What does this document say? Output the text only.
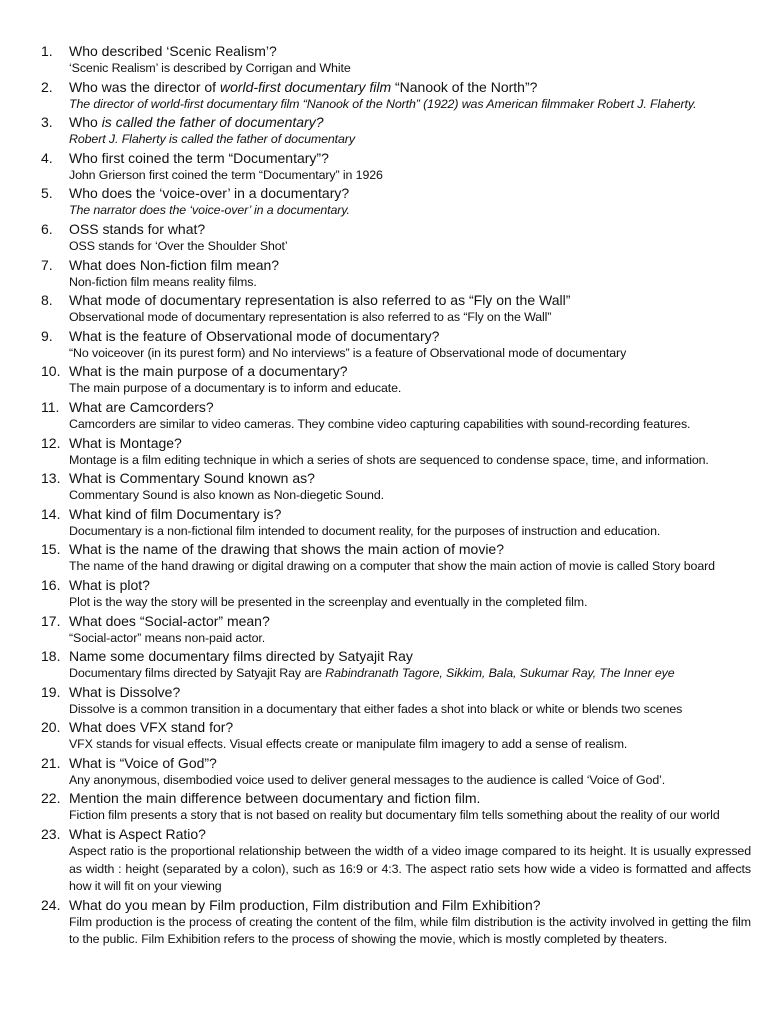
1.	Who described ‘Scenic Realism’?
‘Scenic Realism’ is described by Corrigan and White
2.	Who was the director of world-first documentary film “Nanook of the North”?
The director of world-first documentary film “Nanook of the North” (1922) was American filmmaker Robert J. Flaherty.
3.	Who is called the father of documentary?
Robert J. Flaherty is called the father of documentary
4.	Who first coined the term “Documentary”?
John Grierson first coined the term “Documentary” in 1926
5.	Who does the ‘voice-over’ in a documentary?
The narrator does the ‘voice-over’ in a documentary.
6.	OSS stands for what?
OSS stands for ‘Over the Shoulder Shot’
7.	What does Non-fiction film mean?
Non-fiction film means reality films.
8.	What mode of documentary representation is also referred to as “Fly on the Wall”
Observational mode of documentary representation is also referred to as “Fly on the Wall”
9.	What is the feature of Observational mode of documentary?
“No voiceover (in its purest form) and No interviews” is a feature of Observational mode of documentary
10. What is the main purpose of a documentary?
The main purpose of a documentary is to inform and educate.
11. What are Camcorders?
Camcorders are similar to video cameras. They combine video capturing capabilities with sound-recording features.
12. What is Montage?
Montage is a film editing technique in which a series of shots are sequenced to condense space, time, and information.
13. What is Commentary Sound known as?
Commentary Sound is also known as Non-diegetic Sound.
14. What kind of film Documentary is?
Documentary is a non-fictional film intended to document reality, for the purposes of instruction and education.
15. What is the name of the drawing that shows the main action of movie?
The name of the hand drawing or digital drawing on a computer that show the main action of movie is called Story board
16. What is plot?
Plot is the way the story will be presented in the screenplay and eventually in the completed film.
17. What does “Social-actor” mean?
“Social-actor” means non-paid actor.
18. Name some documentary films directed by Satyajit Ray
Documentary films directed by Satyajit Ray are Rabindranath Tagore, Sikkim, Bala, Sukumar Ray, The Inner eye
19. What is Dissolve?
Dissolve is a common transition in a documentary that either fades a shot into black or white or blends two scenes
20. What does VFX stand for?
VFX stands for visual effects. Visual effects create or manipulate film imagery to add a sense of realism.
21. What is “Voice of God”?
Any anonymous, disembodied voice used to deliver general messages to the audience is called ‘Voice of God’.
22. Mention the main difference between documentary and fiction film.
Fiction film presents a story that is not based on reality but documentary film tells something about the reality of our world
23. What is Aspect Ratio?
Aspect ratio is the proportional relationship between the width of a video image compared to its height. It is usually expressed as width : height (separated by a colon), such as 16:9 or 4:3. The aspect ratio sets how wide a video is formatted and affects how it will fit on your viewing
24. What do you mean by Film production, Film distribution and Film Exhibition?
Film production is the process of creating the content of the film, while film distribution is the activity involved in getting the film to the public. Film Exhibition refers to the process of showing the movie, which is mostly completed by theaters.
